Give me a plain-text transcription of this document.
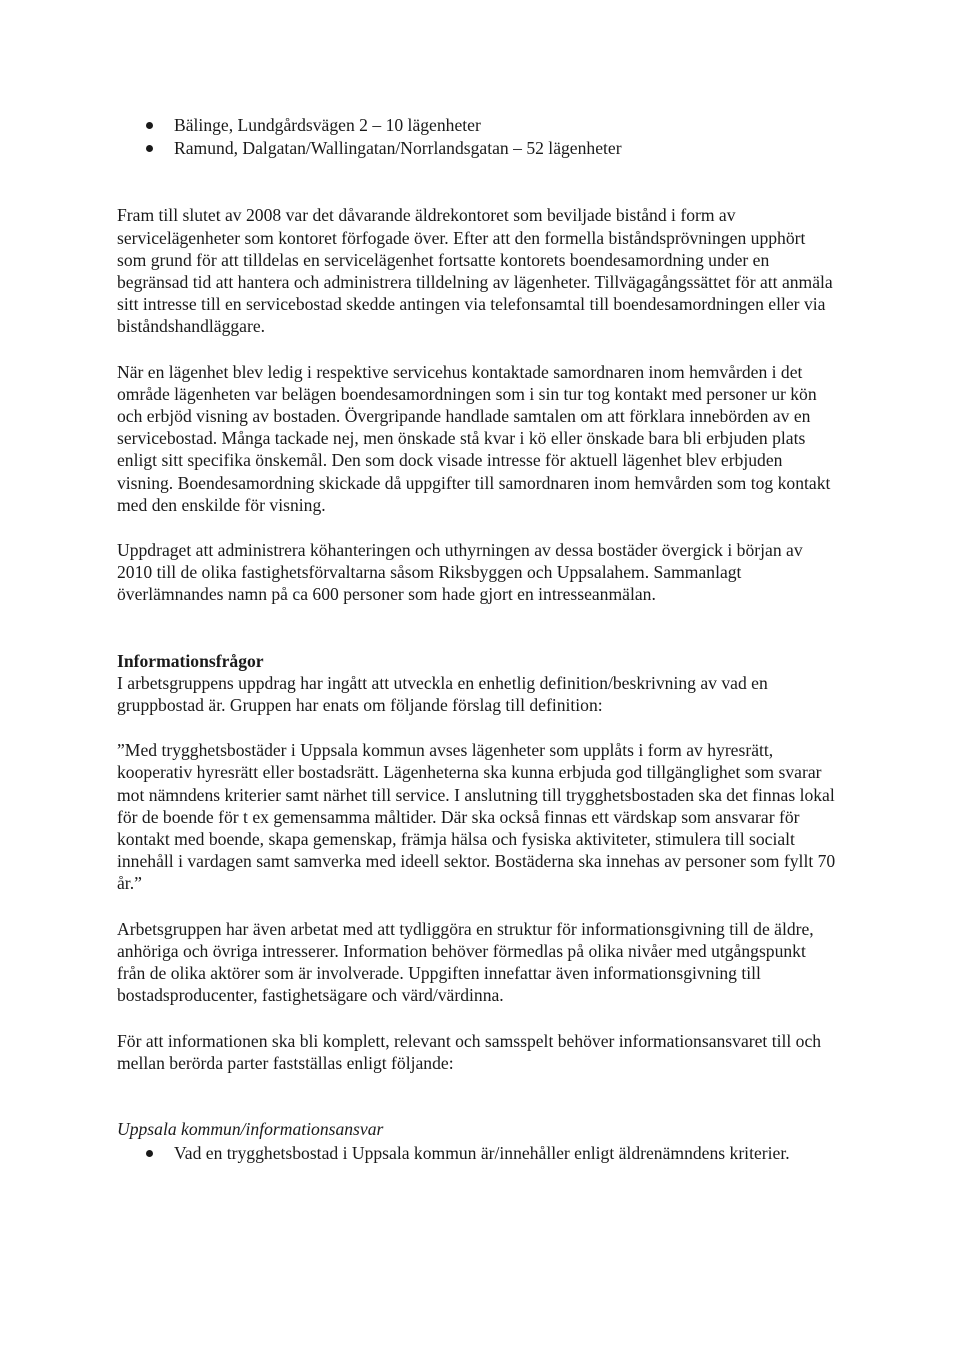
Bälinge, Lundgårdsvägen 2 – 10 lägenheter
Ramund, Dalgatan/Wallingatan/Norrlandsgatan – 52 lägenheter

Fram till slutet av 2008 var det dåvarande äldrekontoret som beviljade bistånd i form av servicelägenheter som kontoret förfogade över. Efter att den formella biståndsprövningen upphört som grund för att tilldelas en servicelägenhet fortsatte kontorets boendesamordning under en begränsad tid att hantera och administrera tilldelning av lägenheter. Tillvägagångssättet för att anmäla sitt intresse till en servicebostad skedde antingen via telefonsamtal till boendesamordningen eller via biståndshandläggare.

När en lägenhet blev ledig i respektive servicehus kontaktade samordnaren inom hemvården i det område lägenheten var belägen boendesamordningen som i sin tur tog kontakt med personer ur kön och erbjöd visning av bostaden. Övergripande handlade samtalen om att förklara innebörden av en servicebostad. Många tackade nej, men önskade stå kvar i kö eller önskade bara bli erbjuden plats enligt sitt specifika önskemål. Den som dock visade intresse för aktuell lägenhet blev erbjuden visning. Boendesamordning skickade då uppgifter till samordnaren inom hemvården som tog kontakt med den enskilde för visning.

Uppdraget att administrera köhanteringen och uthyrningen av dessa bostäder övergick i början av 2010 till de olika fastighetsförvaltarna såsom Riksbyggen och Uppsalahem. Sammanlagt överlämnandes namn på ca 600 personer som hade gjort en intresseanmälan.

Informationsfrågor

I arbetsgruppens uppdrag har ingått att utveckla en enhetlig definition/beskrivning av vad en gruppbostad är. Gruppen har enats om följande förslag till definition:

”Med trygghetsbostäder i Uppsala kommun avses lägenheter som upplåts i form av hyresrätt, kooperativ hyresrätt eller bostadsrätt. Lägenheterna ska kunna erbjuda god tillgänglighet som svarar mot nämndens kriterier samt närhet till service. I anslutning till trygghetsbostaden ska det finnas lokal för de boende för t ex gemensamma måltider. Där ska också finnas ett värdskap som ansvarar för kontakt med boende, skapa gemenskap, främja hälsa och fysiska aktiviteter, stimulera till socialt innehåll i vardagen samt samverka med ideell sektor. Bostäderna ska innehas av personer som fyllt 70 år.”

Arbetsgruppen har även arbetat med att tydliggöra en struktur för informationsgivning till de äldre, anhöriga och övriga intresserer. Information behöver förmedlas på olika nivåer med utgångspunkt från de olika aktörer som är involverade. Uppgiften innefattar även informationsgivning till bostadsproducenter, fastighetsägare och värd/värdinna.

För att informationen ska bli komplett, relevant och samsspelt behöver informationsansvaret till och mellan berörda parter fastställas enligt följande:

Uppsala kommun/informationsansvar

Vad en trygghetsbostad i Uppsala kommun är/innehåller enligt äldrenämndens kriterier.
